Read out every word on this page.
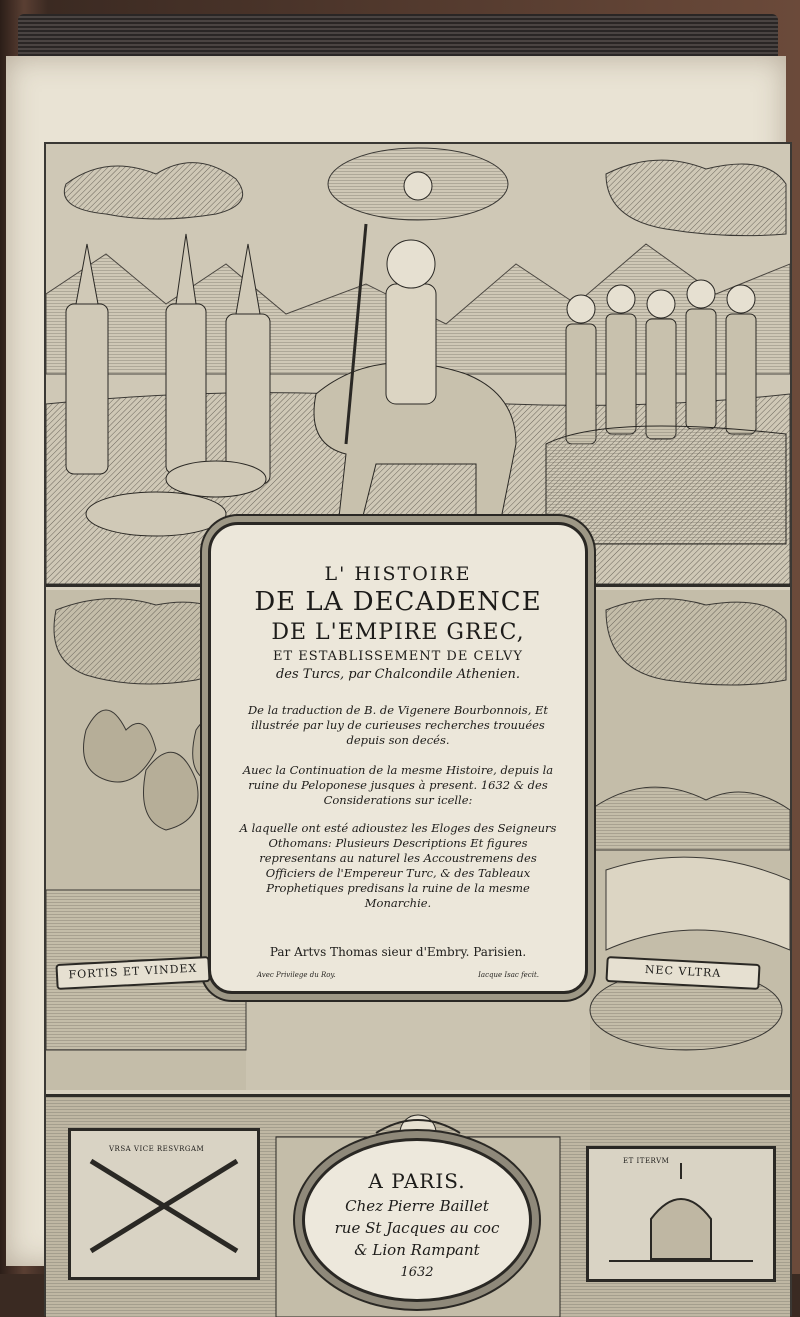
L' HISTOIRE
DE LA DECADENCE
DE L'EMPIRE GREC,
ET ESTABLISSEMENT DE CELVY
des Turcs, par Chalcondile Athenien.
De la traduction de B. de Vigenere Bourbonnois, Et illustrée par luy de curieuses recherches trouuées depuis son decés.
Auec la Continuation de la mesme Histoire, depuis la ruine du Peloponese jusques à present. 1632 & des Considerations sur icelle:
A laquelle ont esté adioustez les Eloges des Seigneurs Othomans: Plusieurs Descriptions Et figures representans au naturel les Accoustremens des Officiers de l'Empereur Turc, & des Tableaux Prophetiques predisans la ruine de la mesme Monarchie.
Par Artvs Thomas sieur d'Embry. Parisien.
Avec Privilege du Roy.	Iacque Isac fecit.
FORTIS ET VINDEX	NEC VLTRA
VRSA VICE RESVRGAM
ET ITERVM
A PARIS.
Chez Pierre Baillet
rue St Jacques au coc
& Lion Rampant
1632
